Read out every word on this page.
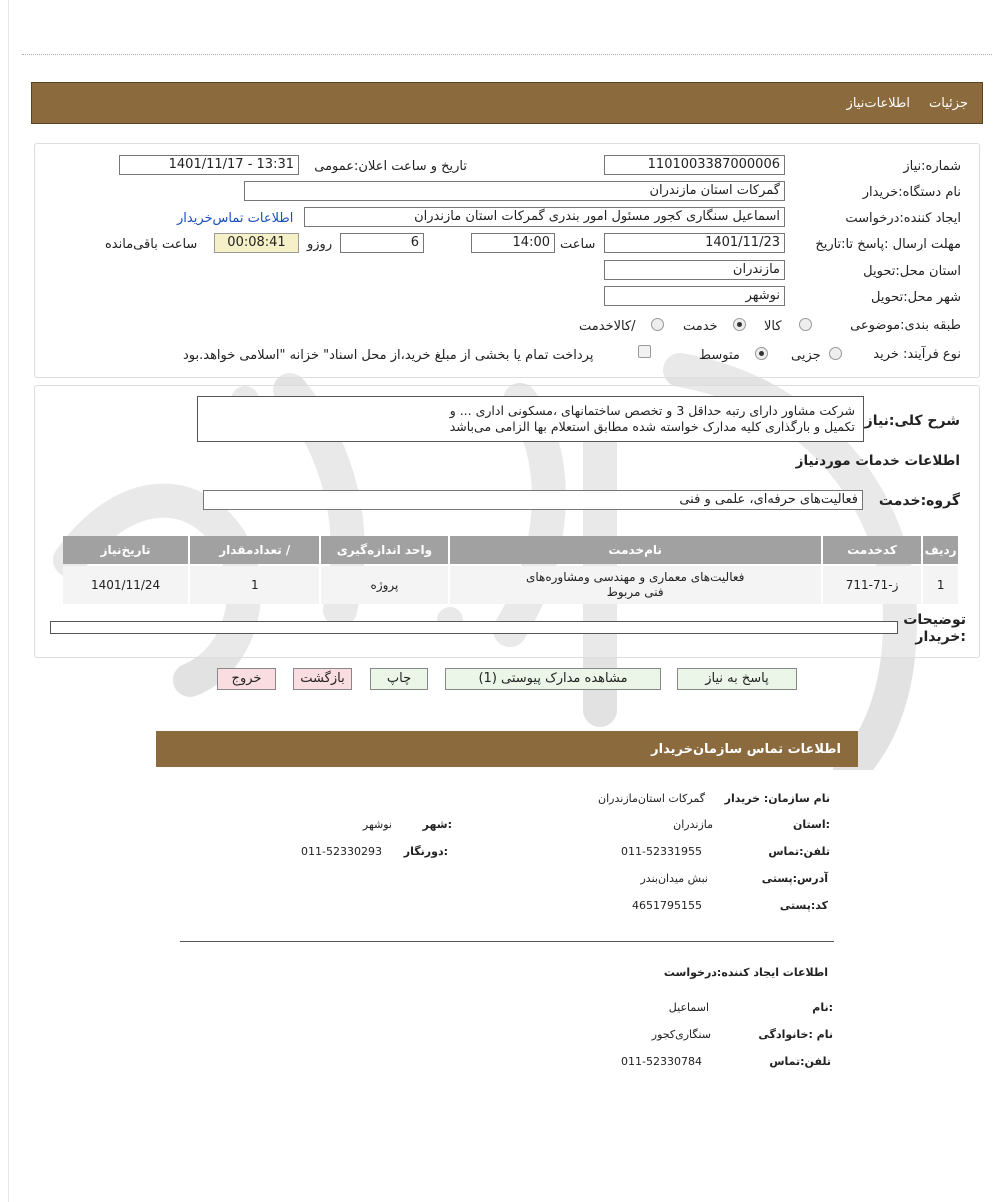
جزئیات
اطلاعات‌نیاز
شماره:نیاز
1101003387000006
تاریخ و ساعت اعلان:عمومی
1401/11/17 - 13:31
نام دستگاه:خریدار
گمرکات استان مازندران
ایجاد کننده:درخواست
اسماعیل سنگاری کجور مسئول امور بندری گمرکات استان مازندران
اطلاعات تماس‌خریدار
مهلت ارسال :پاسخ تا:تاریخ
1401/11/23
ساعت
14:00
6
روزو
00:08:41
ساعت باقی‌مانده
استان محل:تحویل
مازندران
شهر محل:تحویل
نوشهر
طبقه بندی:موضوعی
کالا
خدمت
/کالاخدمت
نوع فرآیند: خرید
جزیی
متوسط
پرداخت تمام یا بخشی از مبلغ خرید،از محل اسناد" خزانه "اسلامی خواهد.بود
شرح کلی:نیاز
شرکت مشاور دارای رتبه حداقل 3 و تخصص ساختمانهای ،مسکونی اداری ... و
تکمیل و بارگذاری کلیه مدارک خواسته شده مطابق استعلام بها الزامی می‌باشد
اطلاعات خدمات موردنیاز
گروه:خدمت
فعالیت‌های حرفه‌ای، علمی و فنی
ردیف	کدخدمت	نام‌خدمت	واحد اندازه‌گیری	/ تعدادمقدار	تاریخ‌نیاز
1	ز-71-711	فعالیت‌های معماری و مهندسی ومشاوره‌های
فنی مربوط	پروژه	1	1401/11/24
توضیحات
:خریدار
پاسخ به نیاز
مشاهده مدارک پیوستی (1)
چاپ
بازگشت
خروج
اطلاعات تماس سازمان‌خریدار
نام سازمان: خریدار
گمرکات استان‌مازندران
:استان
مازندران
:شهر
نوشهر
تلفن:تماس
011-52331955
:دورنگار
011-52330293
آدرس:پستی
نبش میدان‌بندر
کد:پستی
4651795155
اطلاعات ایجاد کننده:درخواست
:نام
اسماعیل
نام :خانوادگی
سنگاری‌کجور
تلفن:تماس
011-52330784
